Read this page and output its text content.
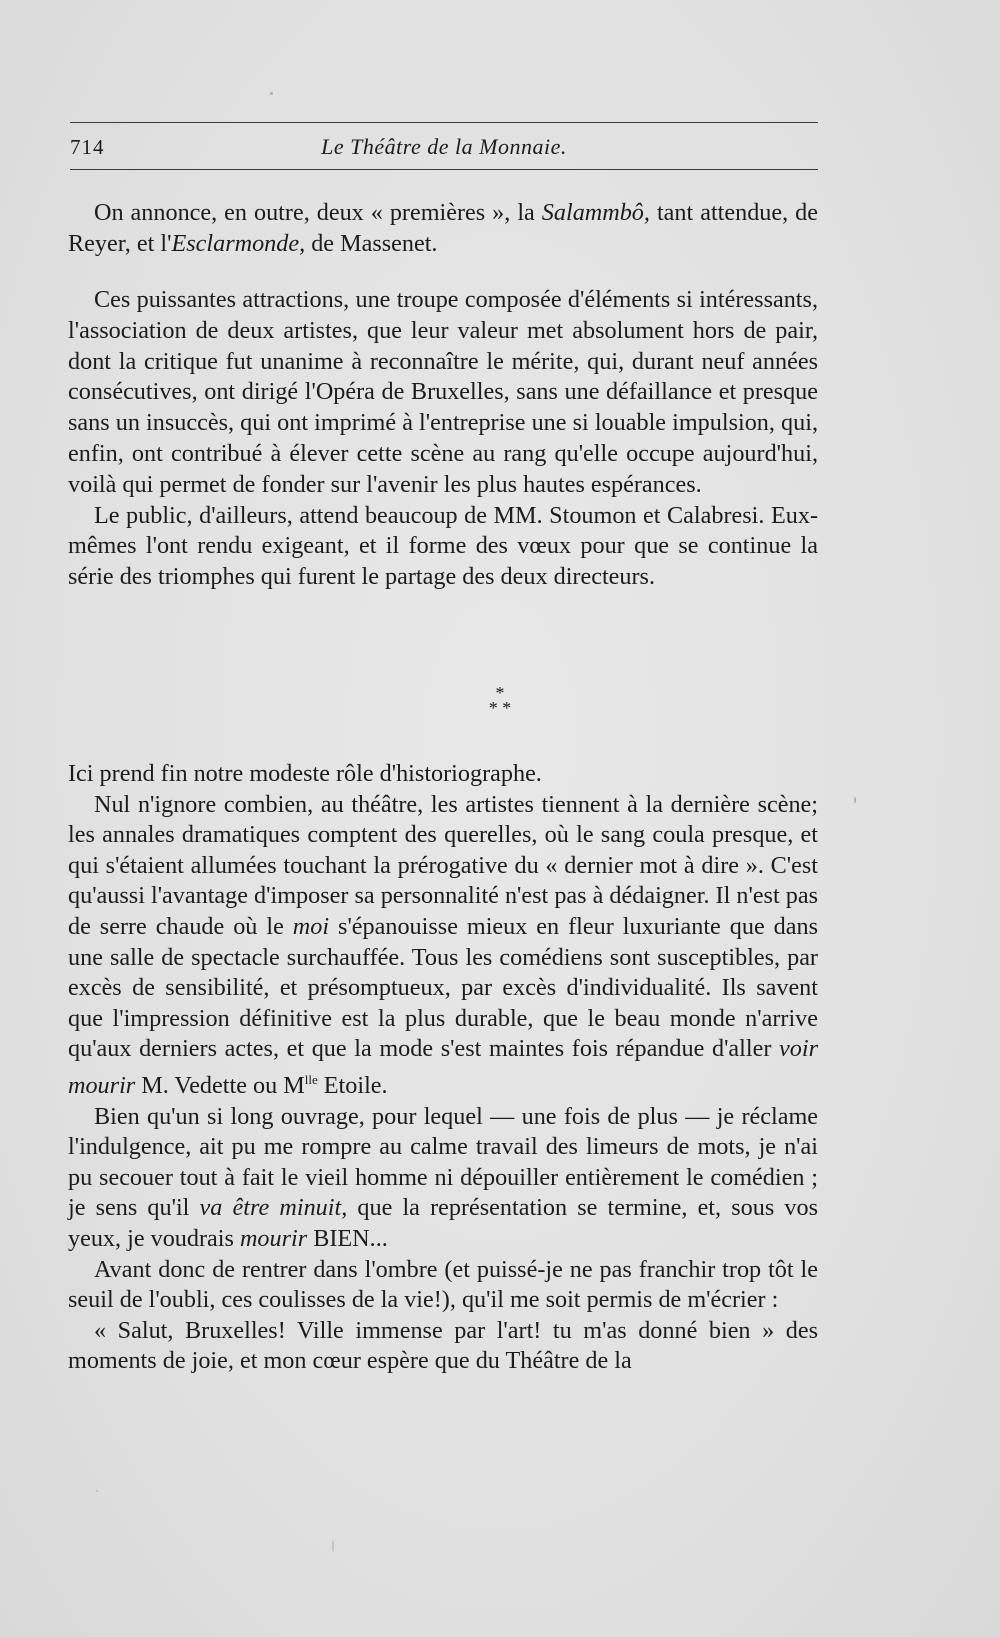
714	Le Théâtre de la Monnaie.

On annonce, en outre, deux « premières », la Salammbô, tant attendue, de Reyer, et l'Esclarmonde, de Massenet.

Ces puissantes attractions, une troupe composée d'éléments si intéressants, l'association de deux artistes, que leur valeur met absolument hors de pair, dont la critique fut unanime à reconnaître le mérite, qui, durant neuf années consécutives, ont dirigé l'Opéra de Bruxelles, sans une défaillance et presque sans un insuccès, qui ont imprimé à l'entreprise une si louable impulsion, qui, enfin, ont contribué à élever cette scène au rang qu'elle occupe aujourd'hui, voilà qui permet de fonder sur l'avenir les plus hautes espérances.

Le public, d'ailleurs, attend beaucoup de MM. Stoumon et Calabresi. Eux-mêmes l'ont rendu exigeant, et il forme des vœux pour que se continue la série des triomphes qui furent le partage des deux directeurs.

*
* *

Ici prend fin notre modeste rôle d'historiographe.

Nul n'ignore combien, au théâtre, les artistes tiennent à la dernière scène; les annales dramatiques comptent des querelles, où le sang coula presque, et qui s'étaient allumées touchant la prérogative du « dernier mot à dire ». C'est qu'aussi l'avantage d'imposer sa personnalité n'est pas à dédaigner. Il n'est pas de serre chaude où le moi s'épanouisse mieux en fleur luxuriante que dans une salle de spectacle surchauffée. Tous les comédiens sont susceptibles, par excès de sensibilité, et présomptueux, par excès d'individualité. Ils savent que l'impression définitive est la plus durable, que le beau monde n'arrive qu'aux derniers actes, et que la mode s'est maintes fois répandue d'aller voir mourir M. Vedette ou $M^{lle}$ Etoile.

Bien qu'un si long ouvrage, pour lequel — une fois de plus — je réclame l'indulgence, ait pu me rompre au calme travail des limeurs de mots, je n'ai pu secouer tout à fait le vieil homme ni dépouiller entièrement le comédien ; je sens qu'il va être minuit, que la représentation se termine, et, sous vos yeux, je voudrais mourir BIEN...

Avant donc de rentrer dans l'ombre (et puissé-je ne pas franchir trop tôt le seuil de l'oubli, ces coulisses de la vie!), qu'il me soit permis de m'écrier :

« Salut, Bruxelles! Ville immense par l'art! tu m'as donné bien » des moments de joie, et mon cœur espère que du Théâtre de la
